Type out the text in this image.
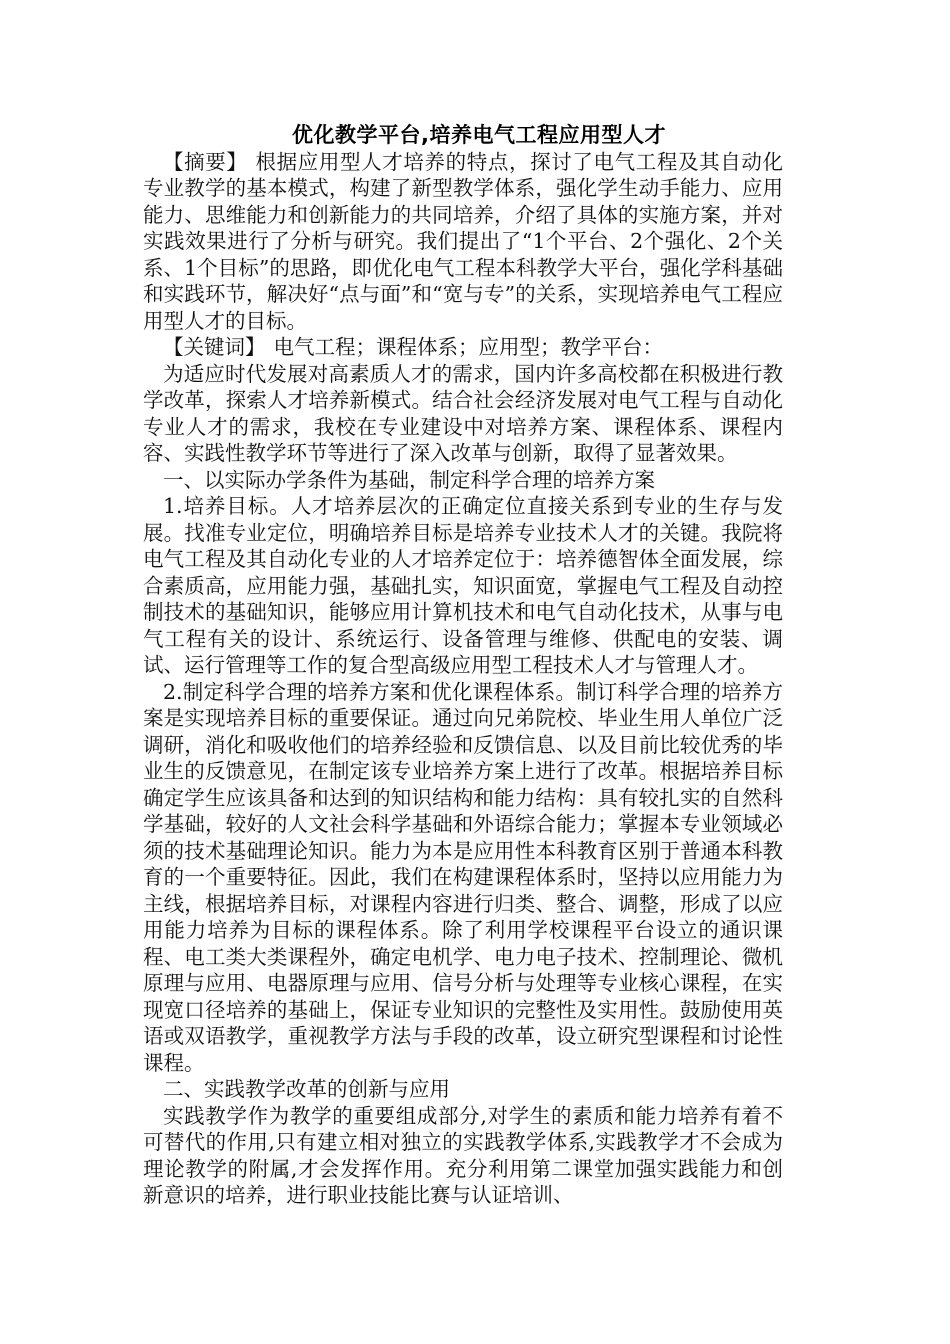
优化教学平台,培养电气工程应用型人才

【摘要】 根据应用型人才培养的特点，探讨了电气工程及其自动化专业教学的基本模式，构建了新型教学体系，强化学生动手能力、应用能力、思维能力和创新能力的共同培养，介绍了具体的实施方案，并对实践效果进行了分析与研究。我们提出了“1个平台、2个强化、2个关系、1个目标”的思路，即优化电气工程本科教学大平台，强化学科基础和实践环节，解决好“点与面”和“宽与专”的关系，实现培养电气工程应用型人才的目标。

【关键词】 电气工程；课程体系；应用型；教学平台：

为适应时代发展对高素质人才的需求，国内许多高校都在积极进行教学改革，探索人才培养新模式。结合社会经济发展对电气工程与自动化专业人才的需求，我校在专业建设中对培养方案、课程体系、课程内容、实践性教学环节等进行了深入改革与创新，取得了显著效果。

一、以实际办学条件为基础，制定科学合理的培养方案

1.培养目标。人才培养层次的正确定位直接关系到专业的生存与发展。找准专业定位，明确培养目标是培养专业技术人才的关键。我院将电气工程及其自动化专业的人才培养定位于：培养德智体全面发展，综合素质高，应用能力强，基础扎实，知识面宽，掌握电气工程及自动控制技术的基础知识，能够应用计算机技术和电气自动化技术，从事与电气工程有关的设计、系统运行、设备管理与维修、供配电的安装、调试、运行管理等工作的复合型高级应用型工程技术人才与管理人才。

2.制定科学合理的培养方案和优化课程体系。制订科学合理的培养方案是实现培养目标的重要保证。通过向兄弟院校、毕业生用人单位广泛调研，消化和吸收他们的培养经验和反馈信息、以及目前比较优秀的毕业生的反馈意见，在制定该专业培养方案上进行了改革。根据培养目标确定学生应该具备和达到的知识结构和能力结构：具有较扎实的自然科学基础，较好的人文社会科学基础和外语综合能力；掌握本专业领域必须的技术基础理论知识。能力为本是应用性本科教育区别于普通本科教育的一个重要特征。因此，我们在构建课程体系时，坚持以应用能力为主线，根据培养目标，对课程内容进行归类、整合、调整，形成了以应用能力培养为目标的课程体系。除了利用学校课程平台设立的通识课程、电工类大类课程外，确定电机学、电力电子技术、控制理论、微机原理与应用、电器原理与应用、信号分析与处理等专业核心课程，在实现宽口径培养的基础上，保证专业知识的完整性及实用性。鼓励使用英语或双语教学，重视教学方法与手段的改革，设立研究型课程和讨论性课程。

二、实践教学改革的创新与应用

实践教学作为教学的重要组成部分,对学生的素质和能力培养有着不可替代的作用,只有建立相对独立的实践教学体系,实践教学才不会成为理论教学的附属,才会发挥作用。充分利用第二课堂加强实践能力和创新意识的培养，进行职业技能比赛与认证培训、
